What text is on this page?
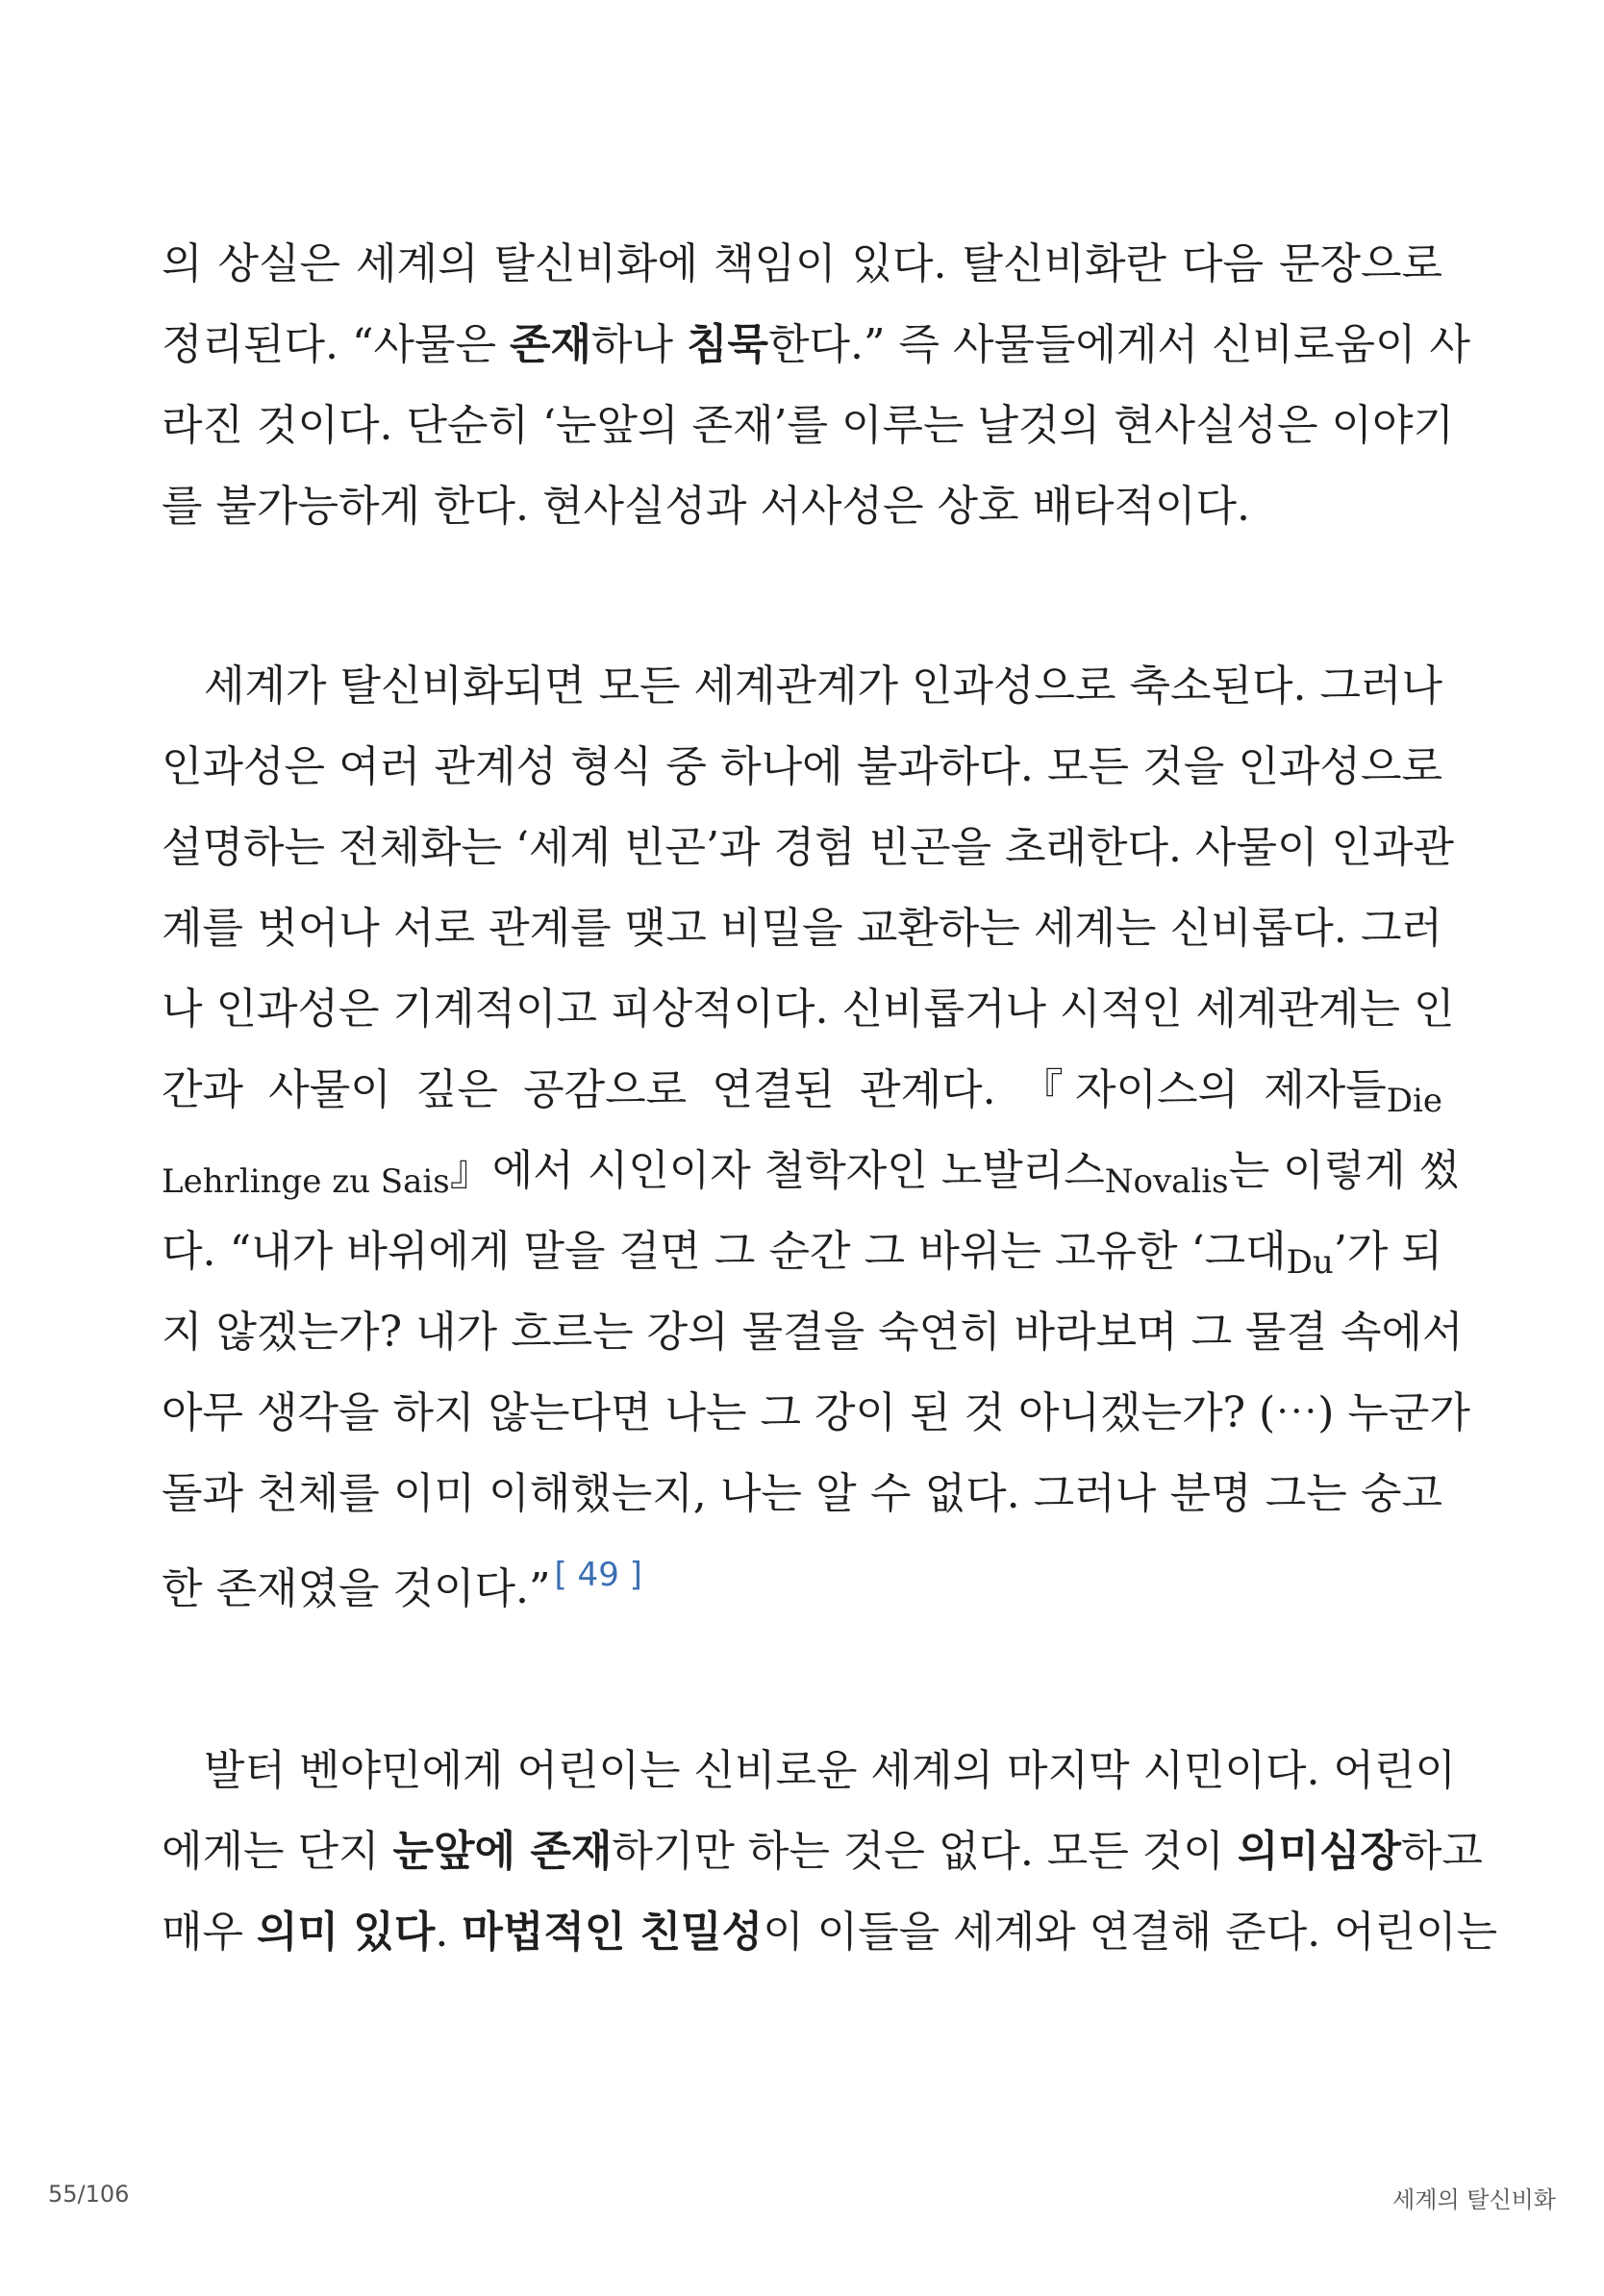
의 상실은 세계의 탈신비화에 책임이 있다. 탈신비화란 다음 문장으로
정리된다. “사물은 존재하나 침묵한다.” 즉 사물들에게서 신비로움이 사
라진 것이다. 단순히 ‘눈앞의 존재’를 이루는 날것의 현사실성은 이야기
를 불가능하게 한다. 현사실성과 서사성은 상호 배타적이다.
세계가 탈신비화되면 모든 세계관계가 인과성으로 축소된다. 그러나
인과성은 여러 관계성 형식 중 하나에 불과하다. 모든 것을 인과성으로
설명하는 전체화는 ‘세계 빈곤’과 경험 빈곤을 초래한다. 사물이 인과관
계를 벗어나 서로 관계를 맺고 비밀을 교환하는 세계는 신비롭다. 그러
나 인과성은 기계적이고 피상적이다. 신비롭거나 시적인 세계관계는 인
간과 사물이 깊은 공감으로 연결된 관계다. 『자이스의 제자들$_{Die}$
$_{Lehrlinge zu Sais}$』에서 시인이자 철학자인 노발리스$_{Novalis}$는 이렇게 썼
다. “내가 바위에게 말을 걸면 그 순간 그 바위는 고유한 ‘그대$_{Du}$’가 되
지 않겠는가? 내가 흐르는 강의 물결을 숙연히 바라보며 그 물결 속에서
아무 생각을 하지 않는다면 나는 그 강이 된 것 아니겠는가? (⋯) 누군가
돌과 천체를 이미 이해했는지, 나는 알 수 없다. 그러나 분명 그는 숭고
한 존재였을 것이다.” [ 49 ]
발터 벤야민에게 어린이는 신비로운 세계의 마지막 시민이다. 어린이
에게는 단지 눈앞에 존재하기만 하는 것은 없다. 모든 것이 의미심장하고
매우 의미 있다. 마법적인 친밀성이 이들을 세계와 연결해 준다. 어린이는
55/106	세계의 탈신비화
